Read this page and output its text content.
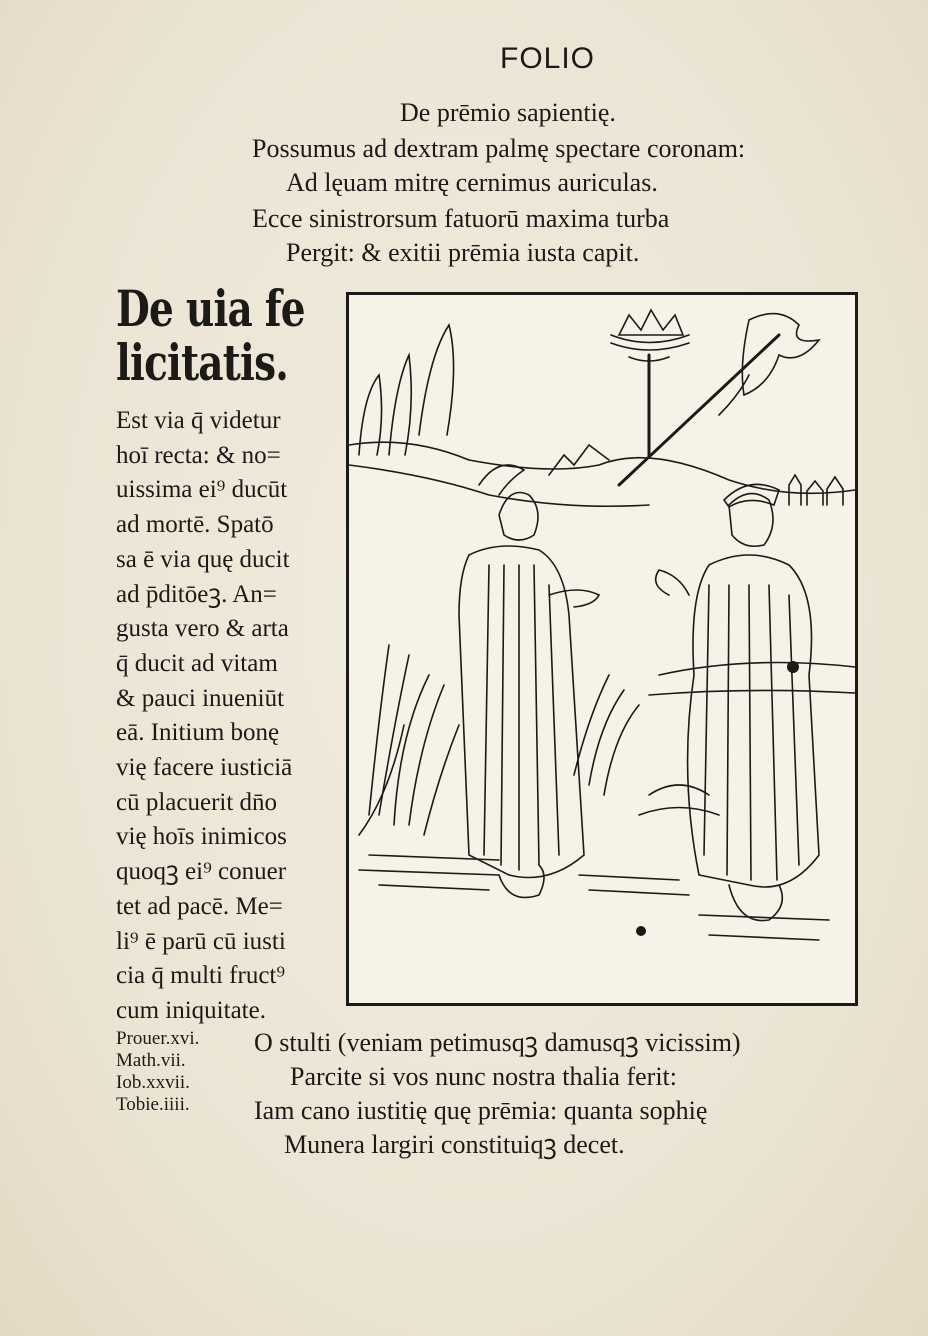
FOLIO
De prēmio sapientię.
Possumus ad dextram palmę spectare coronam:
Ad lęuam mitrę cernimus auriculas.
Ecce sinistrorsum fatuorū maxima turba
Pergit: & exitii prēmia iusta capit.
De uia fe
licitatis.
Est via q̄ videtur
hoī recta: & no=
uissima ei⁹ ducūt
ad mortē. Spatō
sa ē via quę ducit
ad p̄ditōeꝫ. An=
gusta vero & arta
q̄ ducit ad vitam
& pauci inueniūt
eā. Initium bonę
vię facere iusticiā
cū placuerit dn̄o
vię hoīs inimicos
quoqꝫ ei⁹ conuer
tet ad pacē. Me=
li⁹ ē parū cū iusti
cia q̄ multi fruct⁹
cum iniquitate.
Prouer.xvi.
Math.vii.
Iob.xxvii.
Tobie.iiii.
O stulti (veniam petimusqꝫ damusqꝫ vicissim)
Parcite si vos nunc nostra thalia ferit:
Iam cano iustitię quę prēmia: quanta sophię
Munera largiri constituiqꝫ decet.
